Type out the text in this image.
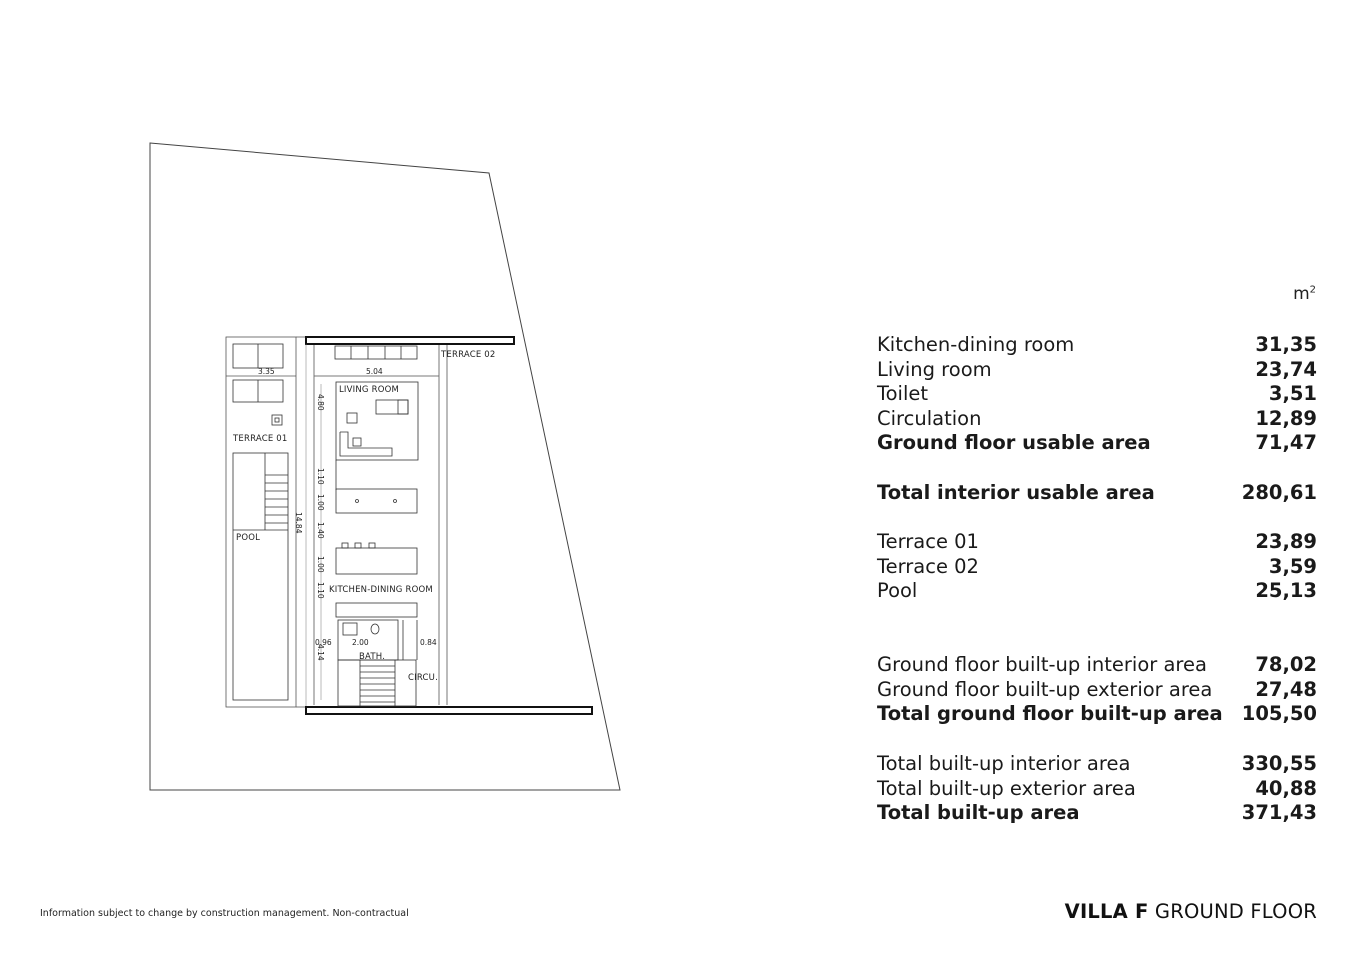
TERRACE 02
LIVING ROOM
TERRACE 01
POOL
KITCHEN-DINING ROOM
BATH.
CIRCU.
3.35	5.04
4.80
14.84
1.10
1.00
1.40
1.00
1.10
0.96	2.00	0.84
4.14
$m^2$
Kitchen-dining room	31,35
Living room	23,74
Toilet	3,51
Circulation	12,89
Ground floor usable area	71,47
Total interior usable area	280,61
Terrace 01	23,89
Terrace 02	3,59
Pool	25,13
Ground floor built-up interior area 78,02
Ground floor built-up exterior area 27,48
Total ground floor built-up area 105,50
Total built-up interior area	330,55
Total built-up exterior area	40,88
Total built-up area	371,43
Information subject to change by construction management. Non-contractual	VILLA F GROUND FLOOR
